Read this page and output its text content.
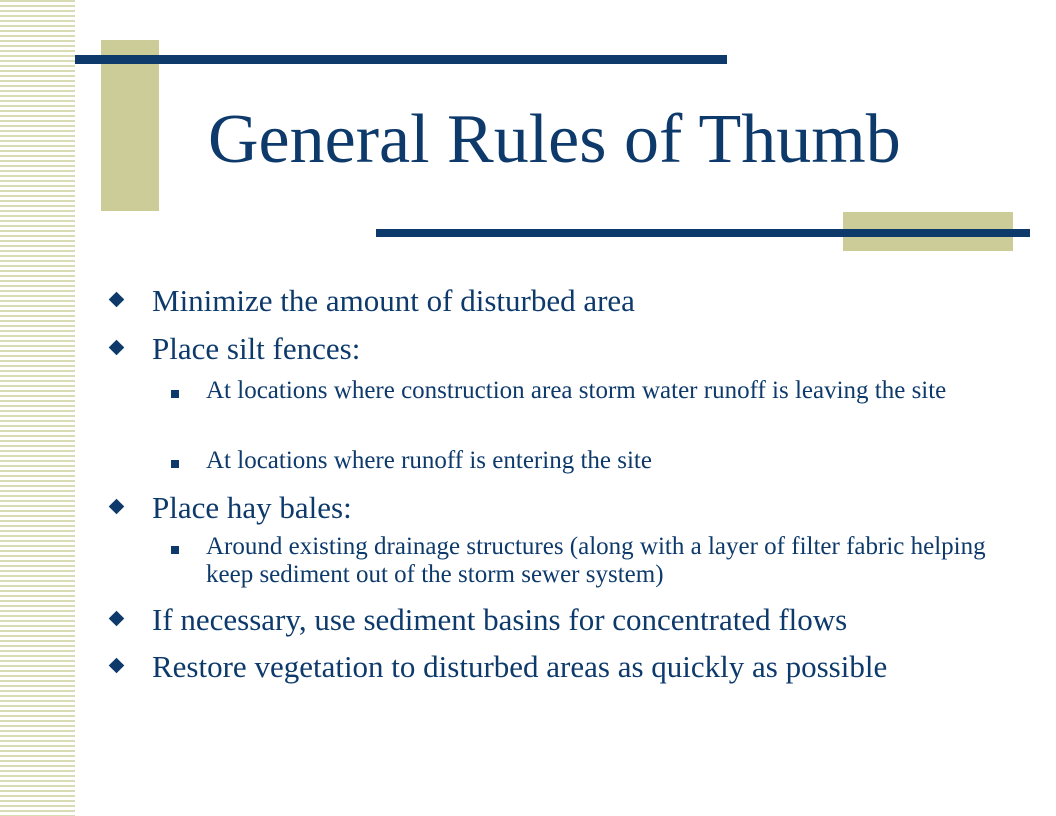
General Rules of Thumb
Minimize the amount of disturbed area
Place silt fences:
At locations where construction area storm water runoff is leaving the site
At locations where runoff is entering the site
Place hay bales:
Around existing drainage structures (along with a layer of filter fabric helping keep sediment out of the storm sewer system)
If necessary, use sediment basins for concentrated flows
Restore vegetation to disturbed areas as quickly as possible
